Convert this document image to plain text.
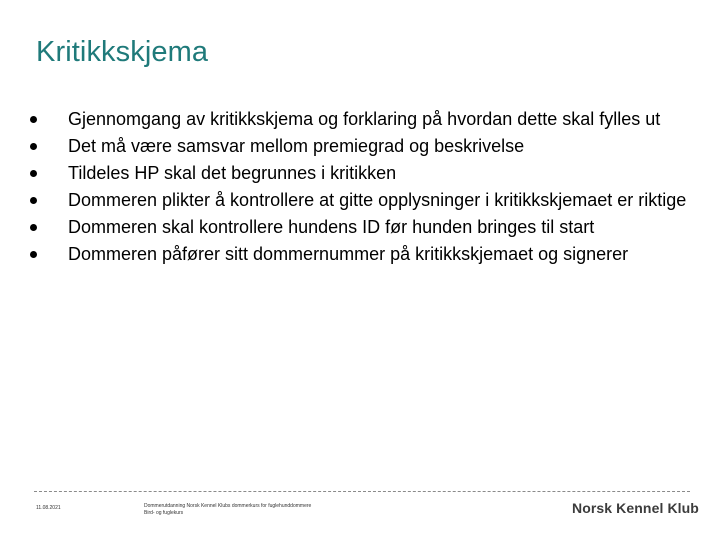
Kritikkskjema
Gjennomgang av kritikkskjema og forklaring på hvordan dette skal fylles ut
Det må være samsvar mellom premiegrad og beskrivelse
Tildeles HP skal det begrunnes i kritikken
Dommeren plikter å kontrollere at gitte opplysninger i kritikkskjemaet er riktige
Dommeren skal kontrollere hundens ID før hunden bringes til start
Dommeren påfører sitt dommernummer på kritikkskjemaet og signerer
11.08.2021	Dommerutdanning Norsk Kennel Klubs dommerkurs for fuglehunddommere
Bird- og fuglekurs	Norsk Kennel Klub
